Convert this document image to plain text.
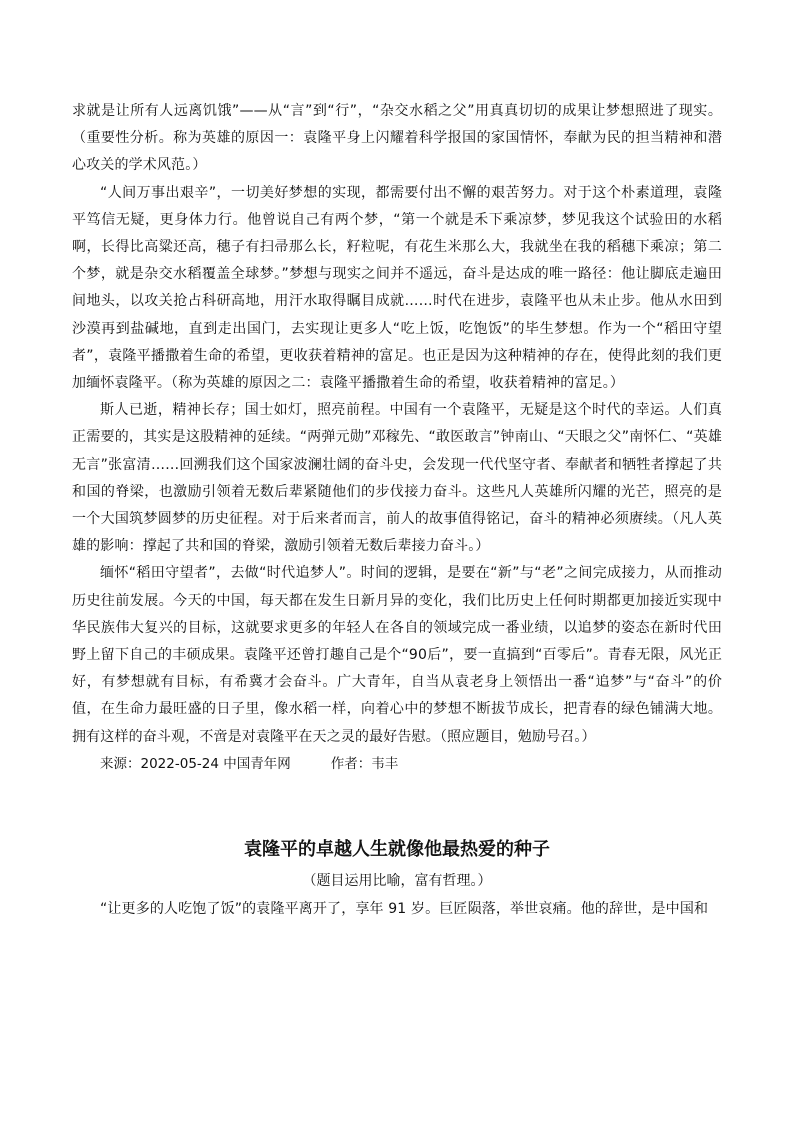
求就是让所有人远离饥饿”——从“言”到“行”，“杂交水稻之父”用真真切切的成果让梦想照进了现实。（重要性分析。称为英雄的原因一：袁隆平身上闪耀着科学报国的家国情怀，奉献为民的担当精神和潜心攻关的学术风范。）

“人间万事出艰辛”，一切美好梦想的实现，都需要付出不懈的艰苦努力。对于这个朴素道理，袁隆平笃信无疑，更身体力行。他曾说自己有两个梦，“第一个就是禾下乘凉梦，梦见我这个试验田的水稻啊，长得比高粱还高，穗子有扫帚那么长，籽粒呢，有花生米那么大，我就坐在我的稻穗下乘凉；第二个梦，就是杂交水稻覆盖全球梦。”梦想与现实之间并不遥远，奋斗是达成的唯一路径：他让脚底走遍田间地头，以攻关抢占科研高地，用汗水取得瞩目成就……时代在进步，袁隆平也从未止步。他从水田到沙漠再到盐碱地，直到走出国门，去实现让更多人“吃上饭，吃饱饭”的毕生梦想。作为一个“稻田守望者”，袁隆平播撒着生命的希望，更收获着精神的富足。也正是因为这种精神的存在，使得此刻的我们更加缅怀袁隆平。（称为英雄的原因之二：袁隆平播撒着生命的希望，收获着精神的富足。）

斯人已逝，精神长存；国士如灯，照亮前程。中国有一个袁隆平，无疑是这个时代的幸运。人们真正需要的，其实是这股精神的延续。“两弹元勋”邓稼先、“敢医敢言”钟南山、“天眼之父”南怀仁、“英雄无言”张富清……回溯我们这个国家波澜壮阔的奋斗史，会发现一代代坚守者、奉献者和牺牲者撑起了共和国的脊梁，也激励引领着无数后辈紧随他们的步伐接力奋斗。这些凡人英雄所闪耀的光芒，照亮的是一个大国筑梦圆梦的历史征程。对于后来者而言，前人的故事值得铭记，奋斗的精神必须赓续。（凡人英雄的影响：撑起了共和国的脊梁，激励引领着无数后辈接力奋斗。）

缅怀“稻田守望者”，去做“时代追梦人”。时间的逻辑，是要在“新”与“老”之间完成接力，从而推动历史往前发展。今天的中国，每天都在发生日新月异的变化，我们比历史上任何时期都更加接近实现中华民族伟大复兴的目标，这就要求更多的年轻人在各自的领域完成一番业绩，以追梦的姿态在新时代田野上留下自己的丰硕成果。袁隆平还曾打趣自己是个“90后”，要一直搞到“百零后”。青春无限，风光正好，有梦想就有目标，有希冀才会奋斗。广大青年，自当从袁老身上领悟出一番“追梦”与“奋斗”的价值，在生命力最旺盛的日子里，像水稻一样，向着心中的梦想不断拔节成长，把青春的绿色铺满大地。拥有这样的奋斗观，不啻是对袁隆平在天之灵的最好告慰。（照应题目，勉励号召。）

来源：2022-05-24 中国青年网	作者：韦丰
袁隆平的卓越人生就像他最热爱的种子
（题目运用比喻，富有哲理。）

“让更多的人吃饱了饭”的袁隆平离开了，享年 91 岁。巨匠陨落，举世哀痛。他的辞世，是中国和
